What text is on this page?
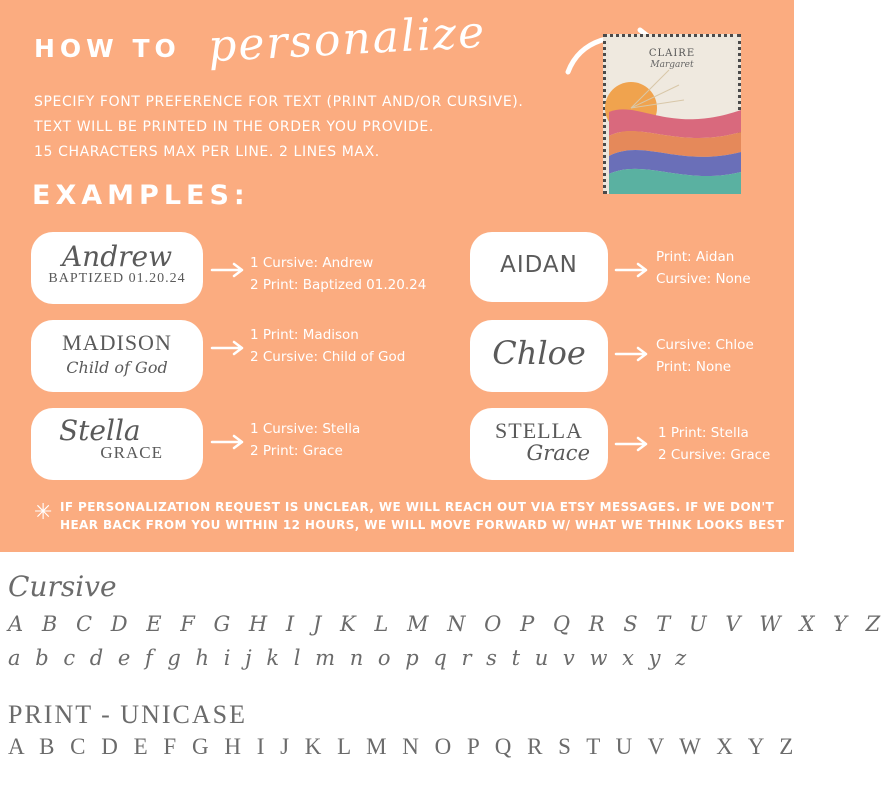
HOW TO personalize
SPECIFY FONT PREFERENCE FOR TEXT (PRINT AND/OR CURSIVE).
TEXT WILL BE PRINTED IN THE ORDER YOU PROVIDE.
15 CHARACTERS MAX PER LINE. 2 LINES MAX.
CLAIRE
Margaret
EXAMPLES:
Andrew
BAPTIZED 01.20.24
MADISON
Child of God
Stella
GRACE
AIDAN
Chloe
STELLA
Grace
1 Cursive: Andrew
2 Print: Baptized 01.20.24
1 Print: Madison
2 Cursive: Child of God
1 Cursive: Stella
2 Print: Grace
Print: Aidan
Cursive: None
Cursive: Chloe
Print: None
1 Print: Stella
2 Cursive: Grace
✳ IF PERSONALIZATION REQUEST IS UNCLEAR, WE WILL REACH OUT VIA ETSY MESSAGES. IF WE DON'T
HEAR BACK FROM YOU WITHIN 12 HOURS, WE WILL MOVE FORWARD W/ WHAT WE THINK LOOKS BEST
Cursive
A B C D E F G H I J K L M N O P Q R S T U V W X Y Z
a b c d e f g h i j k l m n o p q r s t u v w x y z
PRINT - UNICASE
A B C D E F G H I J K L M N O P Q R S T U V W X Y Z
